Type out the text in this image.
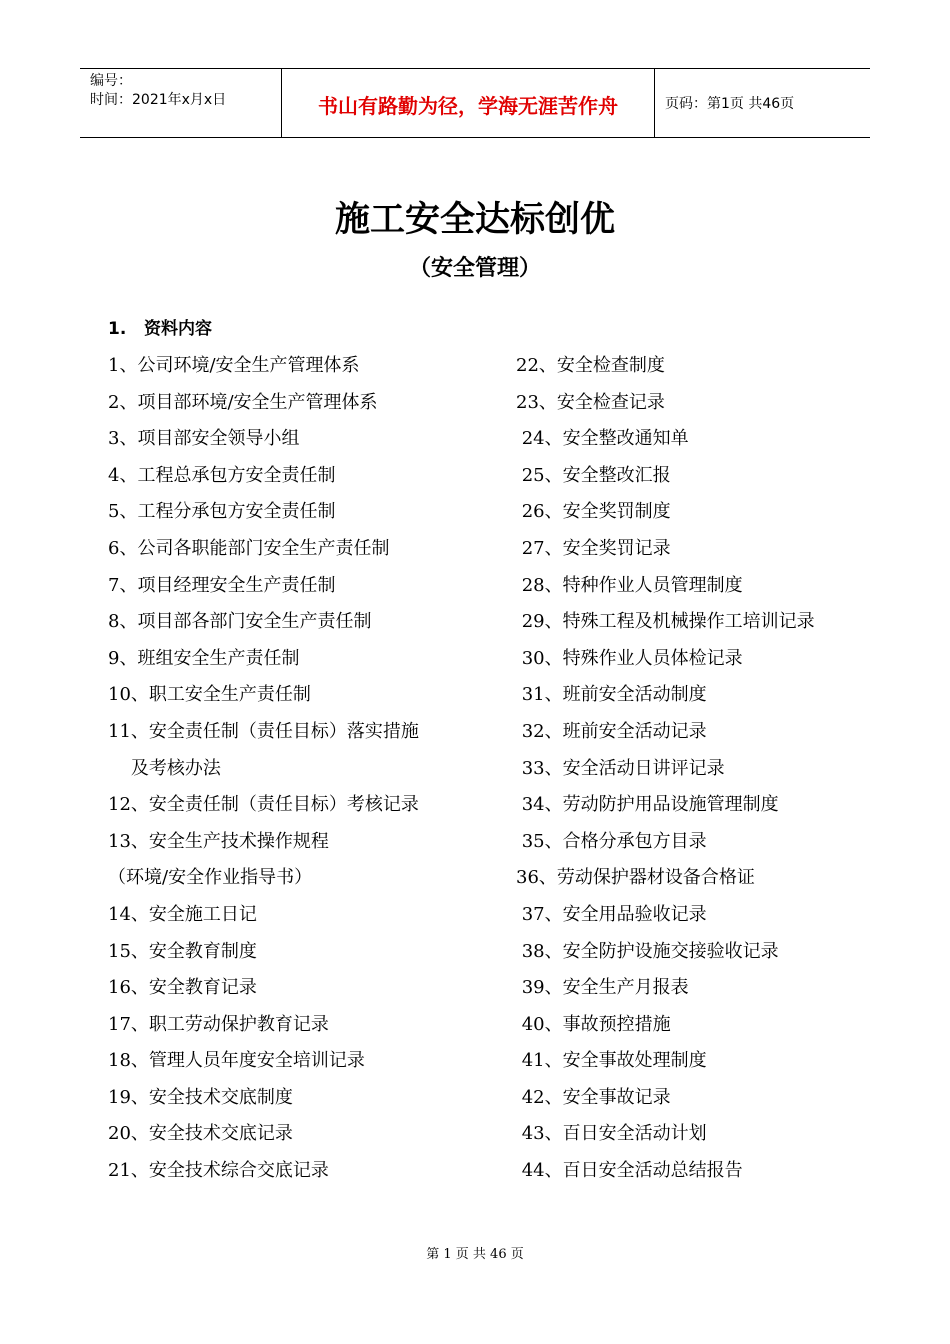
编号：
时间：2021年x月x日	书山有路勤为径，学海无涯苦作舟	页码：第1页 共46页
施工安全达标创优
（安全管理）
1. 资料内容
1、公司环境/安全生产管理体系
2、项目部环境/安全生产管理体系
3、项目部安全领导小组
4、工程总承包方安全责任制
5、工程分承包方安全责任制
6、公司各职能部门安全生产责任制
7、项目经理安全生产责任制
8、项目部各部门安全生产责任制
9、班组安全生产责任制
10、职工安全生产责任制
11、安全责任制（责任目标）落实措施
及考核办法
12、安全责任制（责任目标）考核记录
13、安全生产技术操作规程
（环境/安全作业指导书）
14、安全施工日记
15、安全教育制度
16、安全教育记录
17、职工劳动保护教育记录
18、管理人员年度安全培训记录
19、安全技术交底制度
20、安全技术交底记录
21、安全技术综合交底记录
22、安全检查制度
23、安全检查记录
24、安全整改通知单
25、安全整改汇报
26、安全奖罚制度
27、安全奖罚记录
28、特种作业人员管理制度
29、特殊工程及机械操作工培训记录
30、特殊作业人员体检记录
31、班前安全活动制度
32、班前安全活动记录
33、安全活动日讲评记录
34、劳动防护用品设施管理制度
35、合格分承包方目录
36、劳动保护器材设备合格证
37、安全用品验收记录
38、安全防护设施交接验收记录
39、安全生产月报表
40、事故预控措施
41、安全事故处理制度
42、安全事故记录
43、百日安全活动计划
44、百日安全活动总结报告
第 1 页 共 46 页
